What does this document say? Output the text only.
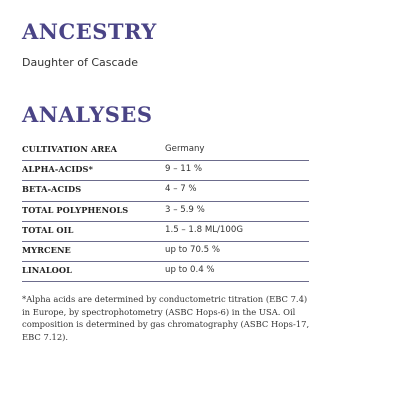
ANCESTRY
Daughter of Cascade
ANALYSES
CULTIVATION AREA	Germany
ALPHA-ACIDS*	9 – 11 %
BETA-ACIDS	4 – 7 %
TOTAL POLYPHENOLS	3 – 5.9 %
TOTAL OIL	1.5 – 1.8 ML/100G
MYRCENE	up to 70.5 %
LINALOOL	up to 0.4 %
*Alpha acids are determined by conductometric titration (EBC 7.4) in Europe, by spectrophotometry (ASBC Hops-6) in the USA. Oil composition is determined by gas chromatography (ASBC Hops-17, EBC 7.12).
